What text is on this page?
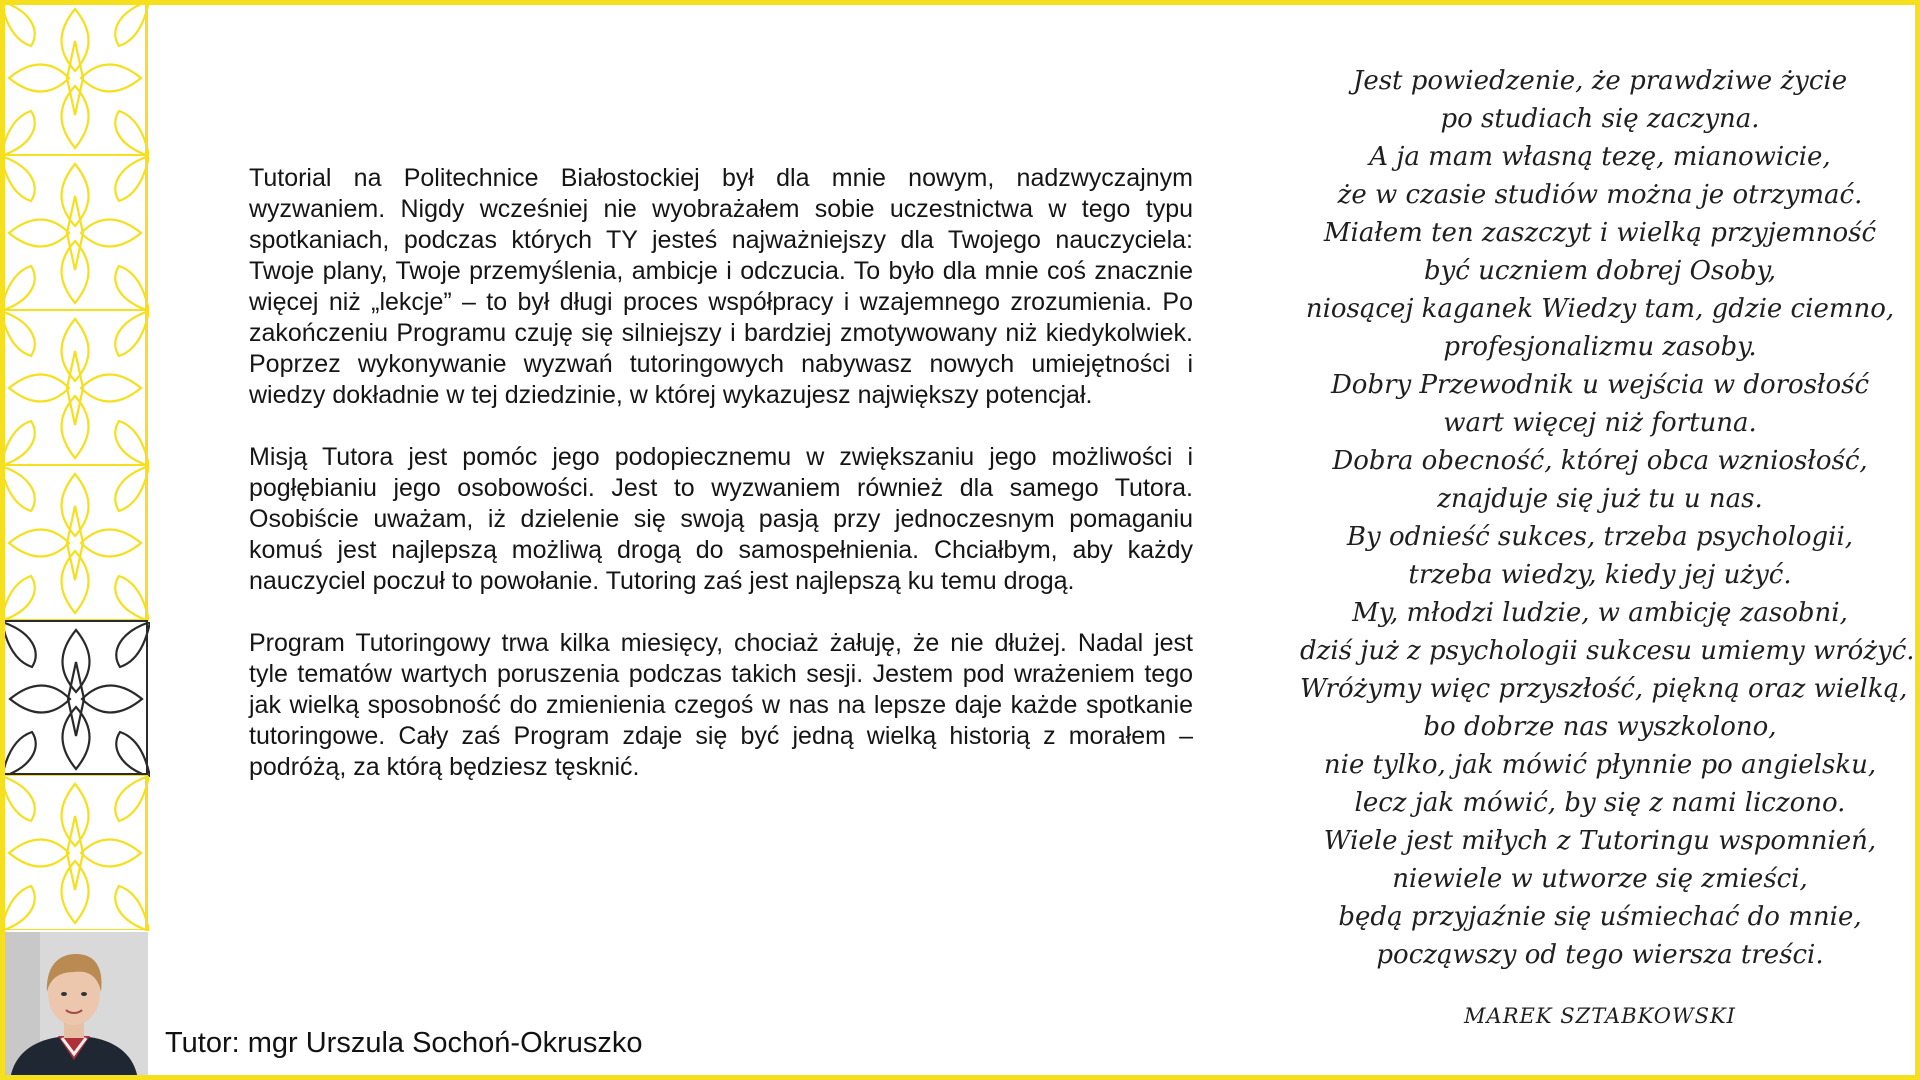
Tutor: mgr Urszula Sochoń-Okruszko

Tutorial na Politechnice Białostockiej był dla mnie nowym, nadzwyczajnym wyzwaniem. Nigdy wcześniej nie wyobrażałem sobie uczestnictwa w tego typu spotkaniach, podczas których TY jesteś najważniejszy dla Twojego nauczyciela: Twoje plany, Twoje przemyślenia, ambicje i odczucia. To było dla mnie coś znacznie więcej niż „lekcje” – to był długi proces współpracy i wzajemnego zrozumienia. Po zakończeniu Programu czuję się silniejszy i bardziej zmotywowany niż kiedykolwiek. Poprzez wykonywanie wyzwań tutoringowych nabywasz nowych umiejętności i wiedzy dokładnie w tej dziedzinie, w której wykazujesz największy potencjał.

Misją Tutora jest pomóc jego podopiecznemu w zwiększaniu jego możliwości i pogłębianiu jego osobowości. Jest to wyzwaniem również dla samego Tutora. Osobiście uważam, iż dzielenie się swoją pasją przy jednoczesnym pomaganiu komuś jest najlepszą możliwą drogą do samospełnienia. Chciałbym, aby każdy nauczyciel poczuł to powołanie. Tutoring zaś jest najlepszą ku temu drogą.

Program Tutoringowy trwa kilka miesięcy, chociaż żałuję, że nie dłużej. Nadal jest tyle tematów wartych poruszenia podczas takich sesji. Jestem pod wrażeniem tego jak wielką sposobność do zmienienia czegoś w nas na lepsze daje każde spotkanie tutoringowe. Cały zaś Program zdaje się być jedną wielką historią z morałem – podróżą, za którą będziesz tęsknić.

Jest powiedzenie, że prawdziwe życie
po studiach się zaczyna.
A ja mam własną tezę, mianowicie,
że w czasie studiów można je otrzymać.
Miałem ten zaszczyt i wielką przyjemność
być uczniem dobrej Osoby,
niosącej kaganek Wiedzy tam, gdzie ciemno,
profesjonalizmu zasoby.
Dobry Przewodnik u wejścia w dorosłość
wart więcej niż fortuna.
Dobra obecność, której obca wzniosłość,
znajduje się już tu u nas.
By odnieść sukces, trzeba psychologii,
trzeba wiedzy, kiedy jej użyć.
My, młodzi ludzie, w ambicję zasobni,
dziś już z psychologii sukcesu umiemy wróżyć.
Wróżymy więc przyszłość, piękną oraz wielką,
bo dobrze nas wyszkolono,
nie tylko, jak mówić płynnie po angielsku,
lecz jak mówić, by się z nami liczono.
Wiele jest miłych z Tutoringu wspomnień,
niewiele w utworze się zmieści,
będą przyjaźnie się uśmiechać do mnie,
począwszy od tego wiersza treści.
MAREK SZTABKOWSKI
